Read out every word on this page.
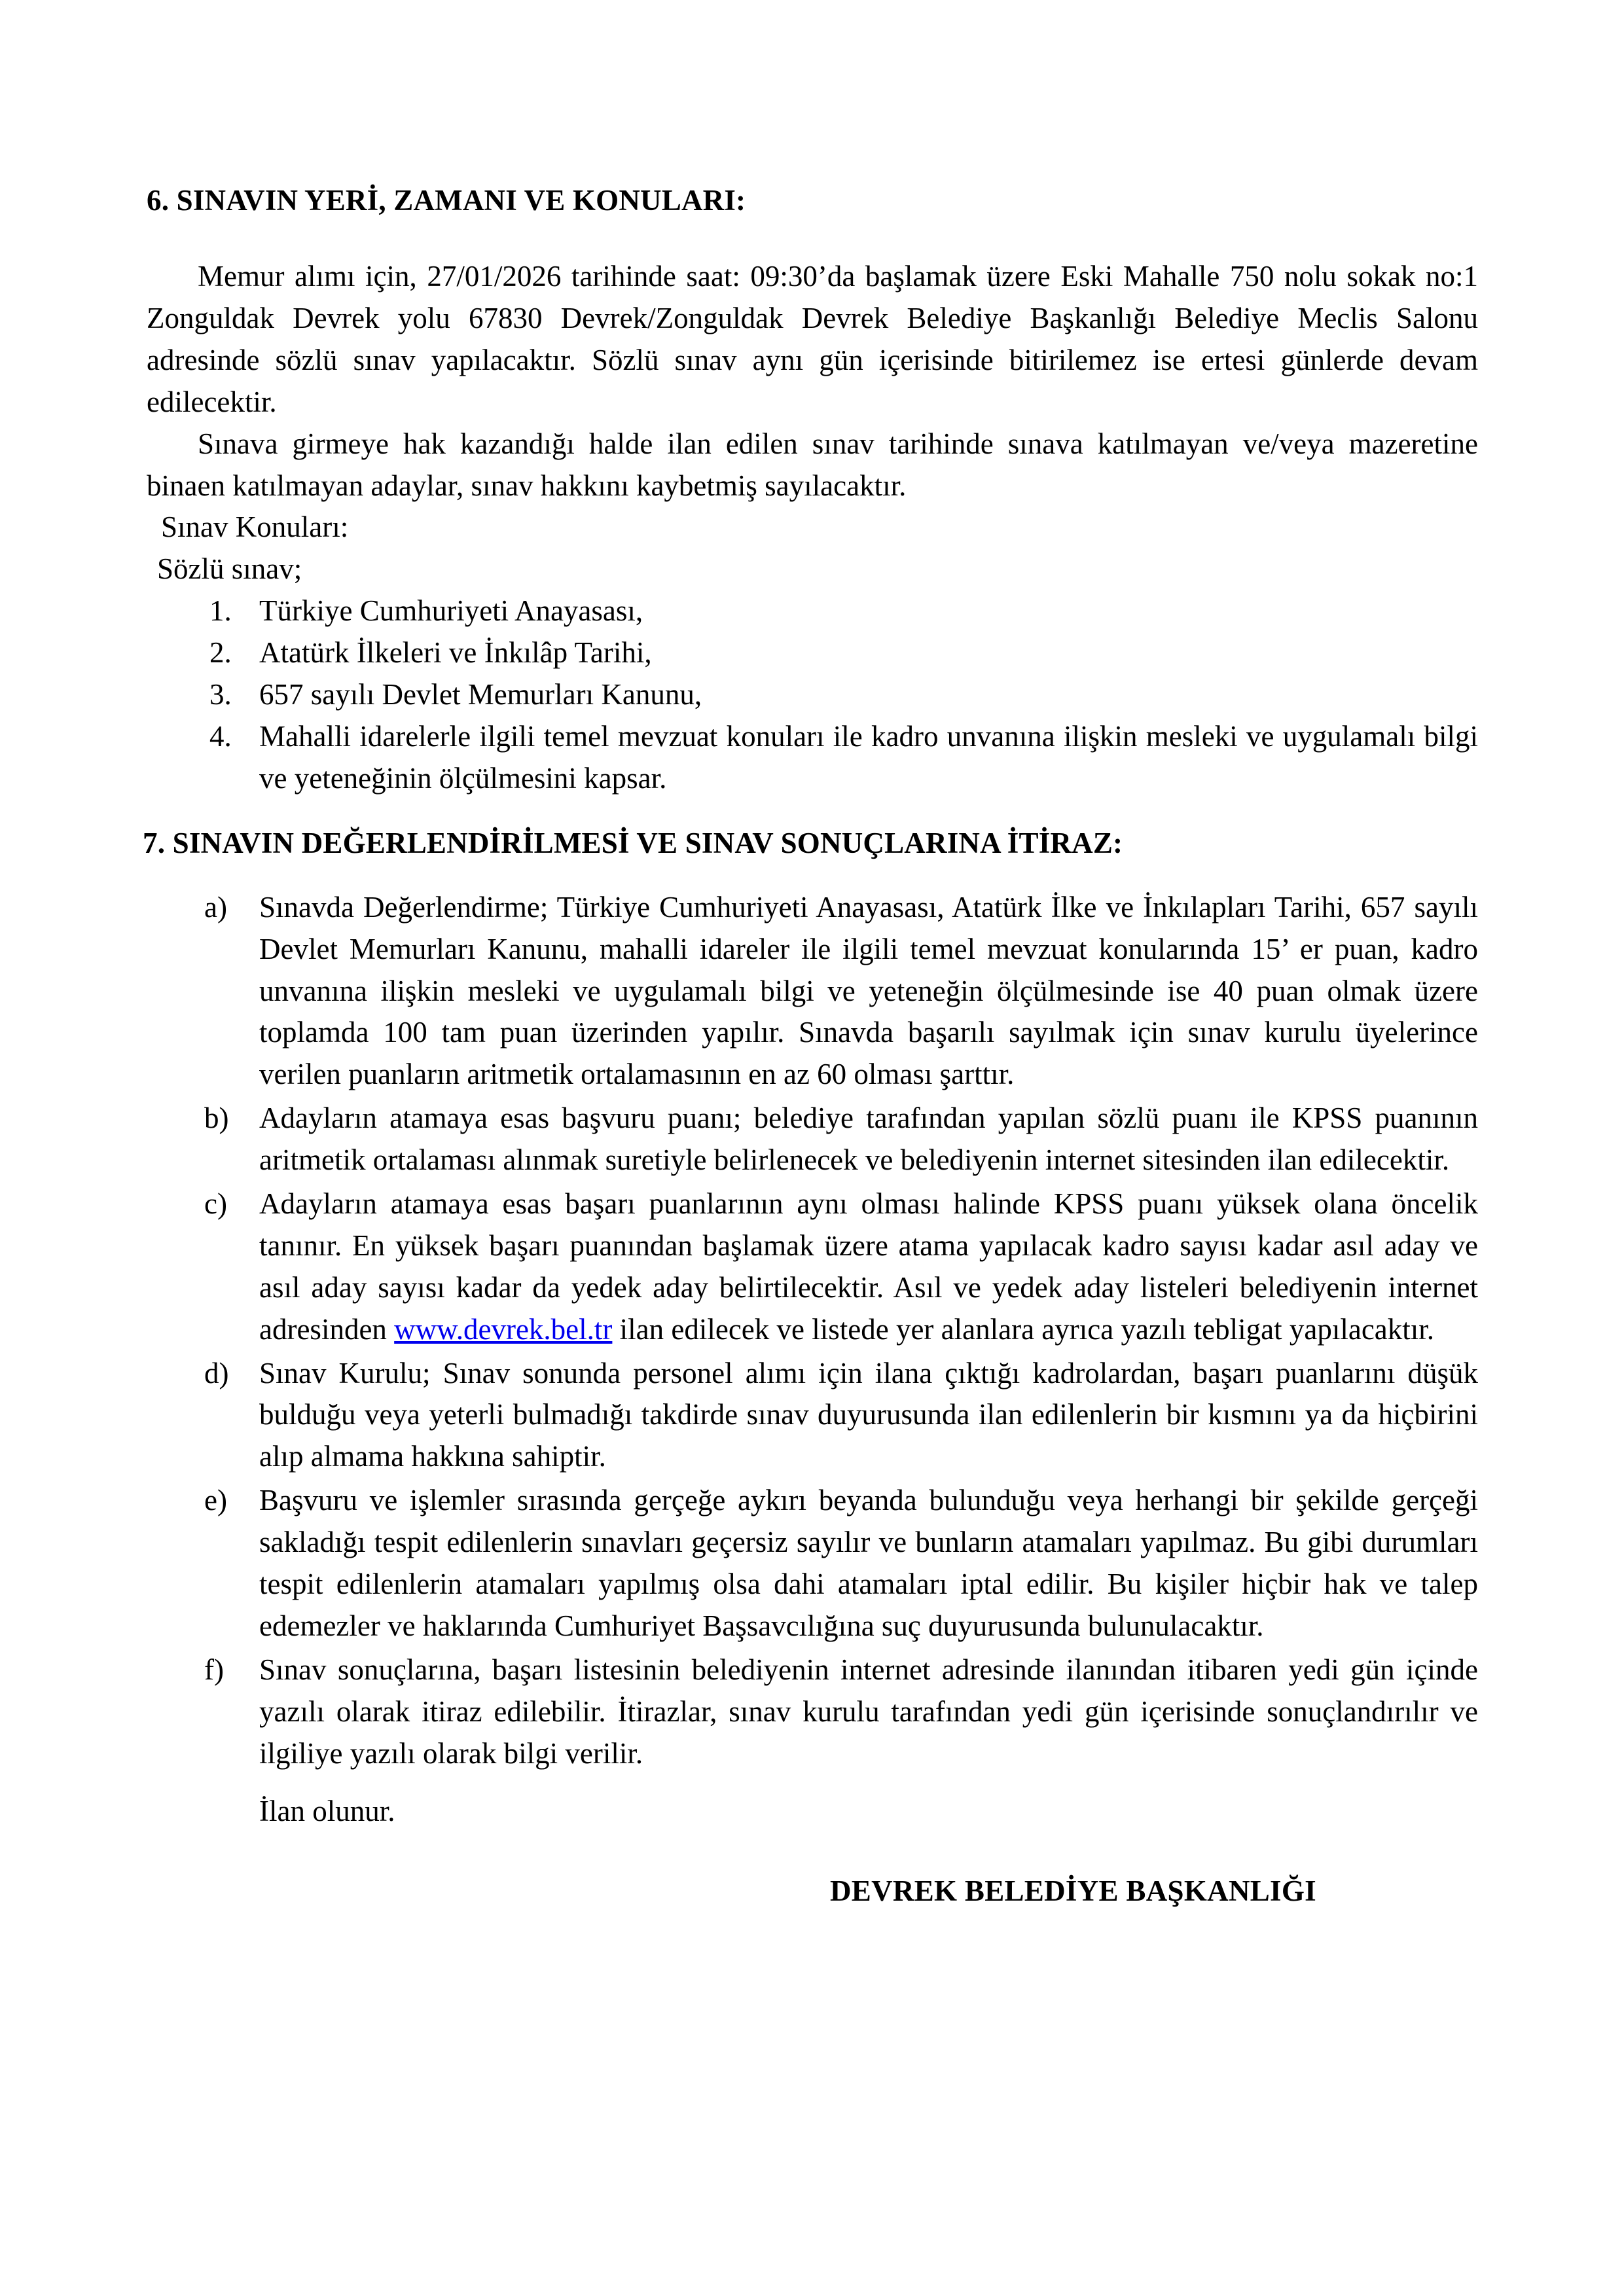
6. SINAVIN YERİ, ZAMANI VE KONULARI:

Memur alımı için, 27/01/2026 tarihinde saat: 09:30’da başlamak üzere Eski Mahalle 750 nolu sokak no:1 Zonguldak Devrek yolu 67830 Devrek/Zonguldak Devrek Belediye Başkanlığı Belediye Meclis Salonu adresinde sözlü sınav yapılacaktır. Sözlü sınav aynı gün içerisinde bitirilemez ise ertesi günlerde devam edilecektir.

Sınava girmeye hak kazandığı halde ilan edilen sınav tarihinde sınava katılmayan ve/veya mazeretine binaen katılmayan adaylar, sınav hakkını kaybetmiş sayılacaktır.

Sınav Konuları:

Sözlü sınav;

1. Türkiye Cumhuriyeti Anayasası,
2. Atatürk İlkeleri ve İnkılâp Tarihi,
3. 657 sayılı Devlet Memurları Kanunu,
4. Mahalli idarelerle ilgili temel mevzuat konuları ile kadro unvanına ilişkin mesleki ve uygulamalı bilgi ve yeteneğinin ölçülmesini kapsar.
7. SINAVIN DEĞERLENDİRİLMESİ VE SINAV SONUÇLARINA İTİRAZ:
a)	Sınavda Değerlendirme; Türkiye Cumhuriyeti Anayasası, Atatürk İlke ve İnkılapları Tarihi, 657 sayılı Devlet Memurları Kanunu, mahalli idareler ile ilgili temel mevzuat konularında 15’ er puan, kadro unvanına ilişkin mesleki ve uygulamalı bilgi ve yeteneğin ölçülmesinde ise 40 puan olmak üzere toplamda 100 tam puan üzerinden yapılır. Sınavda başarılı sayılmak için sınav kurulu üyelerince verilen puanların aritmetik ortalamasının en az 60 olması şarttır.
b)	Adayların atamaya esas başvuru puanı; belediye tarafından yapılan sözlü puanı ile KPSS puanının aritmetik ortalaması alınmak suretiyle belirlenecek ve belediyenin internet sitesinden ilan edilecektir.
c)	Adayların atamaya esas başarı puanlarının aynı olması halinde KPSS puanı yüksek olana öncelik tanınır. En yüksek başarı puanından başlamak üzere atama yapılacak kadro sayısı kadar asıl aday ve asıl aday sayısı kadar da yedek aday belirtilecektir. Asıl ve yedek aday listeleri belediyenin internet adresinden www.devrek.bel.tr ilan edilecek ve listede yer alanlara ayrıca yazılı tebligat yapılacaktır.
d)	Sınav Kurulu; Sınav sonunda personel alımı için ilana çıktığı kadrolardan, başarı puanlarını düşük bulduğu veya yeterli bulmadığı takdirde sınav duyurusunda ilan edilenlerin bir kısmını ya da hiçbirini alıp almama hakkına sahiptir.
e)	Başvuru ve işlemler sırasında gerçeğe aykırı beyanda bulunduğu veya herhangi bir şekilde gerçeği sakladığı tespit edilenlerin sınavları geçersiz sayılır ve bunların atamaları yapılmaz. Bu gibi durumları tespit edilenlerin atamaları yapılmış olsa dahi atamaları iptal edilir. Bu kişiler hiçbir hak ve talep edemezler ve haklarında Cumhuriyet Başsavcılığına suç duyurusunda bulunulacaktır.
f)	Sınav sonuçlarına, başarı listesinin belediyenin internet adresinde ilanından itibaren yedi gün içinde yazılı olarak itiraz edilebilir. İtirazlar, sınav kurulu tarafından yedi gün içerisinde sonuçlandırılır ve ilgiliye yazılı olarak bilgi verilir.

İlan olunur.

DEVREK BELEDİYE BAŞKANLIĞI
